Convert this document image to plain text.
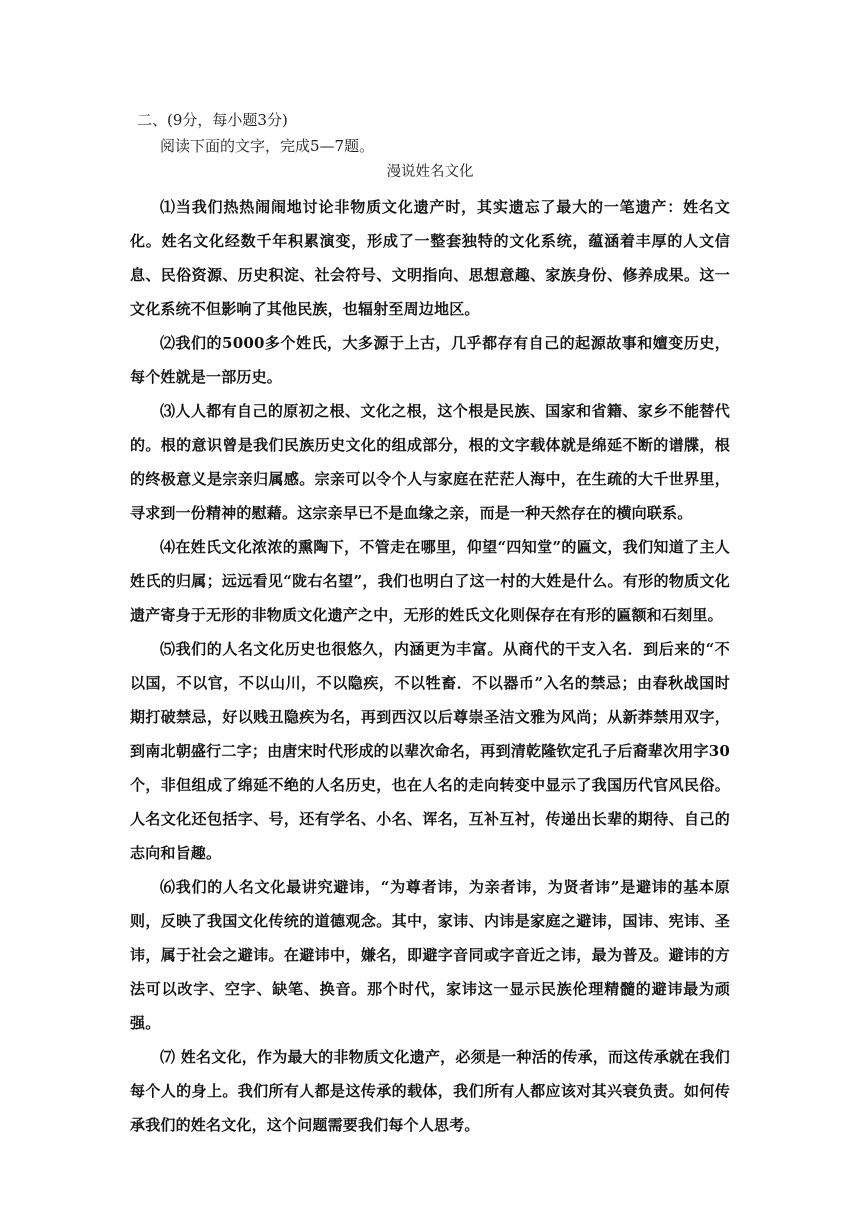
二、(9分，每小题3分)
阅读下面的文字，完成5—7题。
漫说姓名文化

⑴当我们热热闹闹地讨论非物质文化遗产时，其实遗忘了最大的一笔遗产：姓名文化。姓名文化经数千年积累演变，形成了一整套独特的文化系统，蕴涵着丰厚的人文信息、民俗资源、历史积淀、社会符号、文明指向、思想意趣、家族身份、修养成果。这一文化系统不但影响了其他民族，也辐射至周边地区。

⑵我们的5000多个姓氏，大多源于上古，几乎都存有自己的起源故事和嬗变历史，每个姓就是一部历史。

⑶人人都有自己的原初之根、文化之根，这个根是民族、国家和省籍、家乡不能替代的。根的意识曾是我们民族历史文化的组成部分，根的文字载体就是绵延不断的谱牒，根的终极意义是宗亲归属感。宗亲可以令个人与家庭在茫茫人海中，在生疏的大千世界里，寻求到一份精神的慰藉。这宗亲早已不是血缘之亲，而是一种天然存在的横向联系。

⑷在姓氏文化浓浓的熏陶下，不管走在哪里，仰望“四知堂”的匾文，我们知道了主人姓氏的归属；远远看见“陇右名望”，我们也明白了这一村的大姓是什么。有形的物质文化遗产寄身于无形的非物质文化遗产之中，无形的姓氏文化则保存在有形的匾额和石刻里。

⑸我们的人名文化历史也很悠久，内涵更为丰富。从商代的干支入名．到后来的“不以国，不以官，不以山川，不以隐疾，不以牲畜．不以器币”入名的禁忌；由春秋战国时期打破禁忌，好以贱丑隐疾为名，再到西汉以后尊崇圣洁文雅为风尚；从新莽禁用双字，到南北朝盛行二字；由唐宋时代形成的以辈次命名，再到清乾隆钦定孔子后裔辈次用字30个，非但组成了绵延不绝的人名历史，也在人名的走向转变中显示了我国历代官风民俗。人名文化还包括字、号，还有学名、小名、诨名，互补互衬，传递出长辈的期待、自己的志向和旨趣。

⑹我们的人名文化最讲究避讳，“为尊者讳，为亲者讳，为贤者讳”是避讳的基本原则，反映了我国文化传统的道德观念。其中，家讳、内讳是家庭之避讳，国讳、宪讳、圣讳，属于社会之避讳。在避讳中，嫌名，即避字音同或字音近之讳，最为普及。避讳的方法可以改字、空字、缺笔、换音。那个时代，家讳这一显示民族伦理精髓的避讳最为顽强。

⑺ 姓名文化，作为最大的非物质文化遗产，必须是一种活的传承，而这传承就在我们每个人的身上。我们所有人都是这传承的载体，我们所有人都应该对其兴衰负责。如何传承我们的姓名文化，这个问题需要我们每个人思考。
